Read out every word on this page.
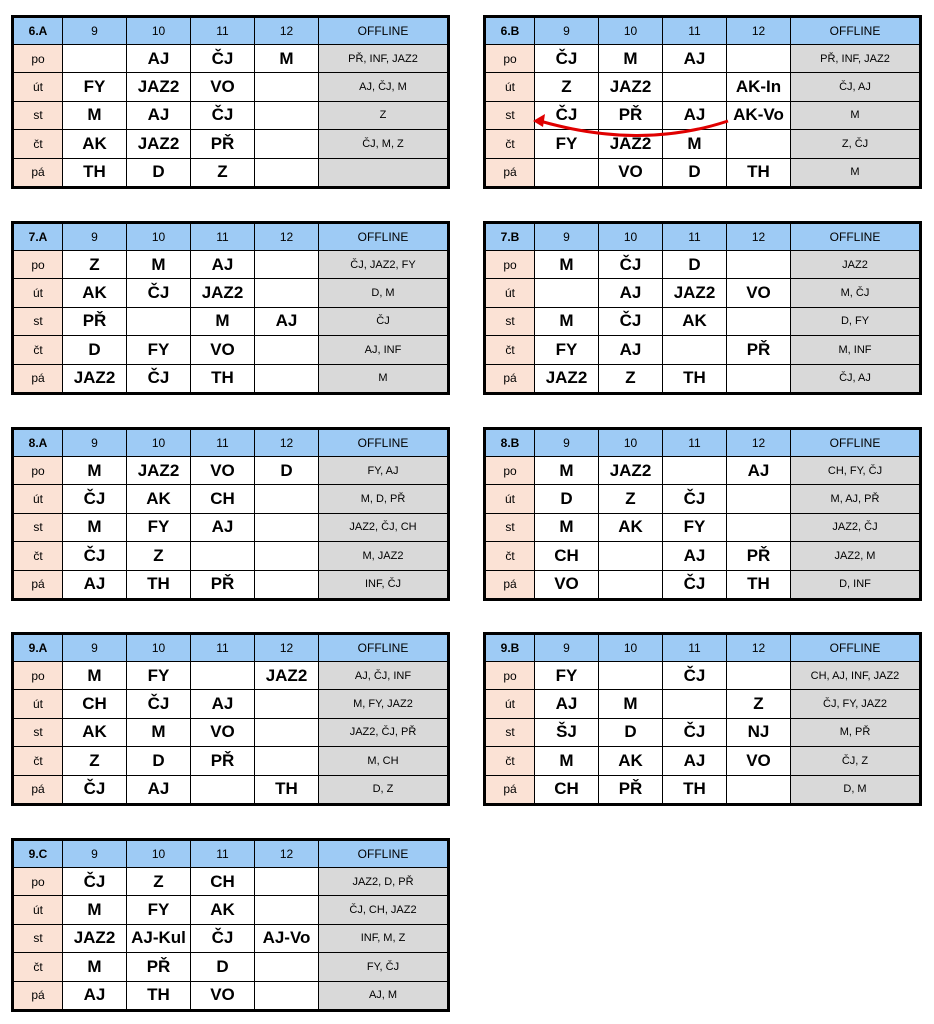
6.A	9	10	11	12	OFFLINE
po		AJ	ČJ	M	PŘ, INF, JAZ2
út	FY	JAZ2	VO		AJ, ČJ, M
st	M	AJ	ČJ		Z
čt	AK	JAZ2	PŘ		ČJ, M, Z
pá	TH	D	Z		
6.B	9	10	11	12	OFFLINE
po	ČJ	M	AJ		PŘ, INF, JAZ2
út	Z	JAZ2		AK-In	ČJ, AJ
st	ČJ	PŘ	AJ	AK-Vo	M
čt	FY	JAZ2	M		Z, ČJ
pá		VO	D	TH	M
7.A	9	10	11	12	OFFLINE
po	Z	M	AJ		ČJ, JAZ2, FY
út	AK	ČJ	JAZ2		D, M
st	PŘ		M	AJ	ČJ
čt	D	FY	VO		AJ, INF
pá	JAZ2	ČJ	TH		M
7.B	9	10	11	12	OFFLINE
po	M	ČJ	D		JAZ2
út		AJ	JAZ2	VO	M, ČJ
st	M	ČJ	AK		D, FY
čt	FY	AJ		PŘ	M, INF
pá	JAZ2	Z	TH		ČJ, AJ
8.A	9	10	11	12	OFFLINE
po	M	JAZ2	VO	D	FY, AJ
út	ČJ	AK	CH		M, D, PŘ
st	M	FY	AJ		JAZ2, ČJ, CH
čt	ČJ	Z			M, JAZ2
pá	AJ	TH	PŘ		INF, ČJ
8.B	9	10	11	12	OFFLINE
po	M	JAZ2		AJ	CH, FY, ČJ
út	D	Z	ČJ		M, AJ, PŘ
st	M	AK	FY		JAZ2, ČJ
čt	CH		AJ	PŘ	JAZ2, M
pá	VO		ČJ	TH	D, INF
9.A	9	10	11	12	OFFLINE
po	M	FY		JAZ2	AJ, ČJ, INF
út	CH	ČJ	AJ		M, FY, JAZ2
st	AK	M	VO		JAZ2, ČJ, PŘ
čt	Z	D	PŘ		M, CH
pá	ČJ	AJ		TH	D, Z
9.B	9	10	11	12	OFFLINE
po	FY		ČJ		CH, AJ, INF, JAZ2
út	AJ	M		Z	ČJ, FY, JAZ2
st	ŠJ	D	ČJ	NJ	M, PŘ
čt	M	AK	AJ	VO	ČJ, Z
pá	CH	PŘ	TH		D, M
9.C	9	10	11	12	OFFLINE
po	ČJ	Z	CH		JAZ2, D, PŘ
út	M	FY	AK		ČJ, CH, JAZ2
st	JAZ2	AJ-Kul	ČJ	AJ-Vo	INF, M, Z
čt	M	PŘ	D		FY, ČJ
pá	AJ	TH	VO		AJ, M
